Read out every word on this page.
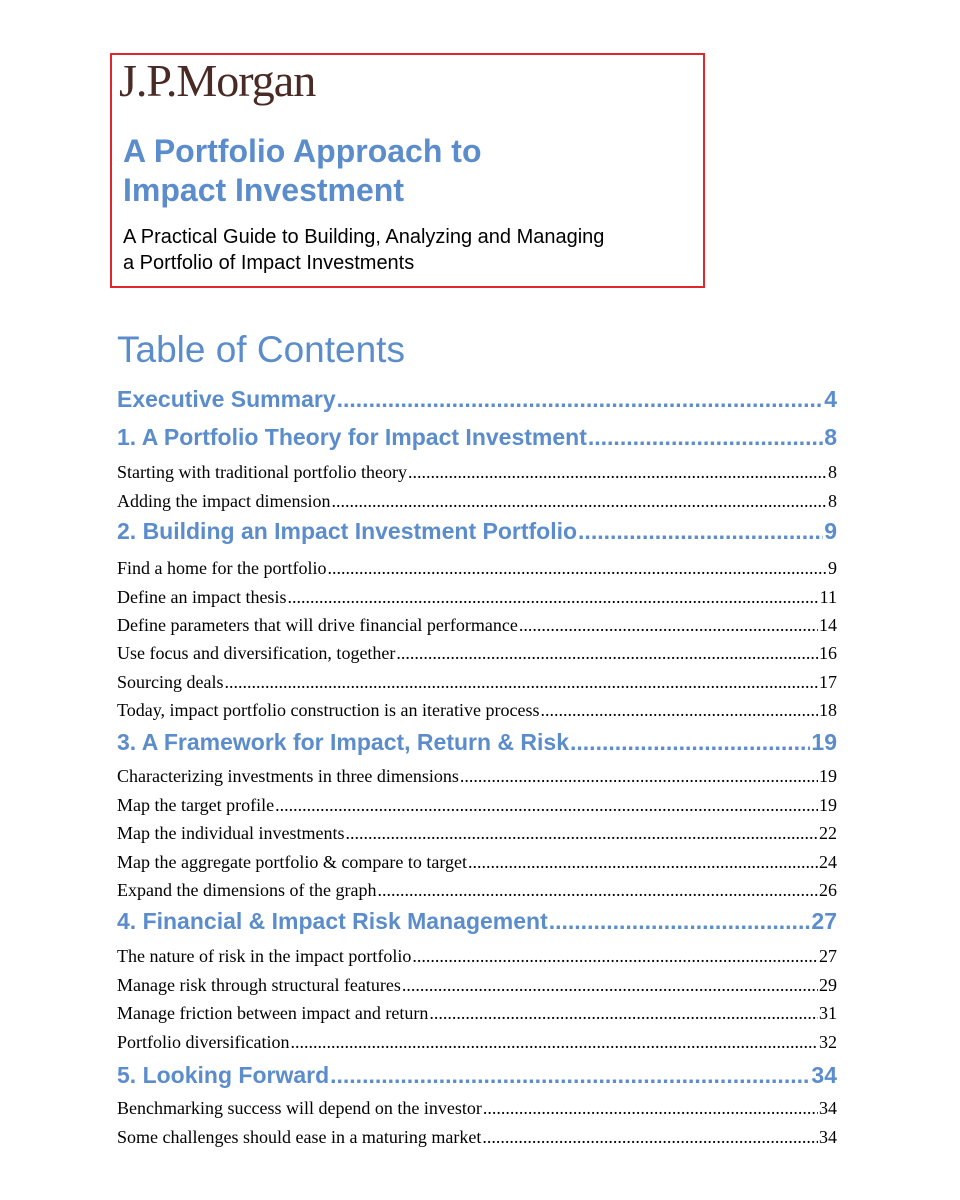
J.P.Morgan
A Portfolio Approach to
Impact Investment
A Practical Guide to Building, Analyzing and Managing
a Portfolio of Impact Investments
Table of Contents
Executive Summary .....	4
1. A Portfolio Theory for Impact Investment .....	8
Starting with traditional portfolio theory .....	8
Adding the impact dimension .....	8
2. Building an Impact Investment Portfolio .....	9
Find a home for the portfolio .....	9
Define an impact thesis .....	11
Define parameters that will drive financial performance .....	14
Use focus and diversification, together .....	16
Sourcing deals .....	17
Today, impact portfolio construction is an iterative process .....	18
3. A Framework for Impact, Return & Risk .....	19
Characterizing investments in three dimensions .....	19
Map the target profile .....	19
Map the individual investments .....	22
Map the aggregate portfolio & compare to target .....	24
Expand the dimensions of the graph .....	26
4. Financial & Impact Risk Management .....	27
The nature of risk in the impact portfolio .....	27
Manage risk through structural features .....	29
Manage friction between impact and return .....	31
Portfolio diversification .....	32
5. Looking Forward .....	34
Benchmarking success will depend on the investor .....	34
Some challenges should ease in a maturing market .....	34
